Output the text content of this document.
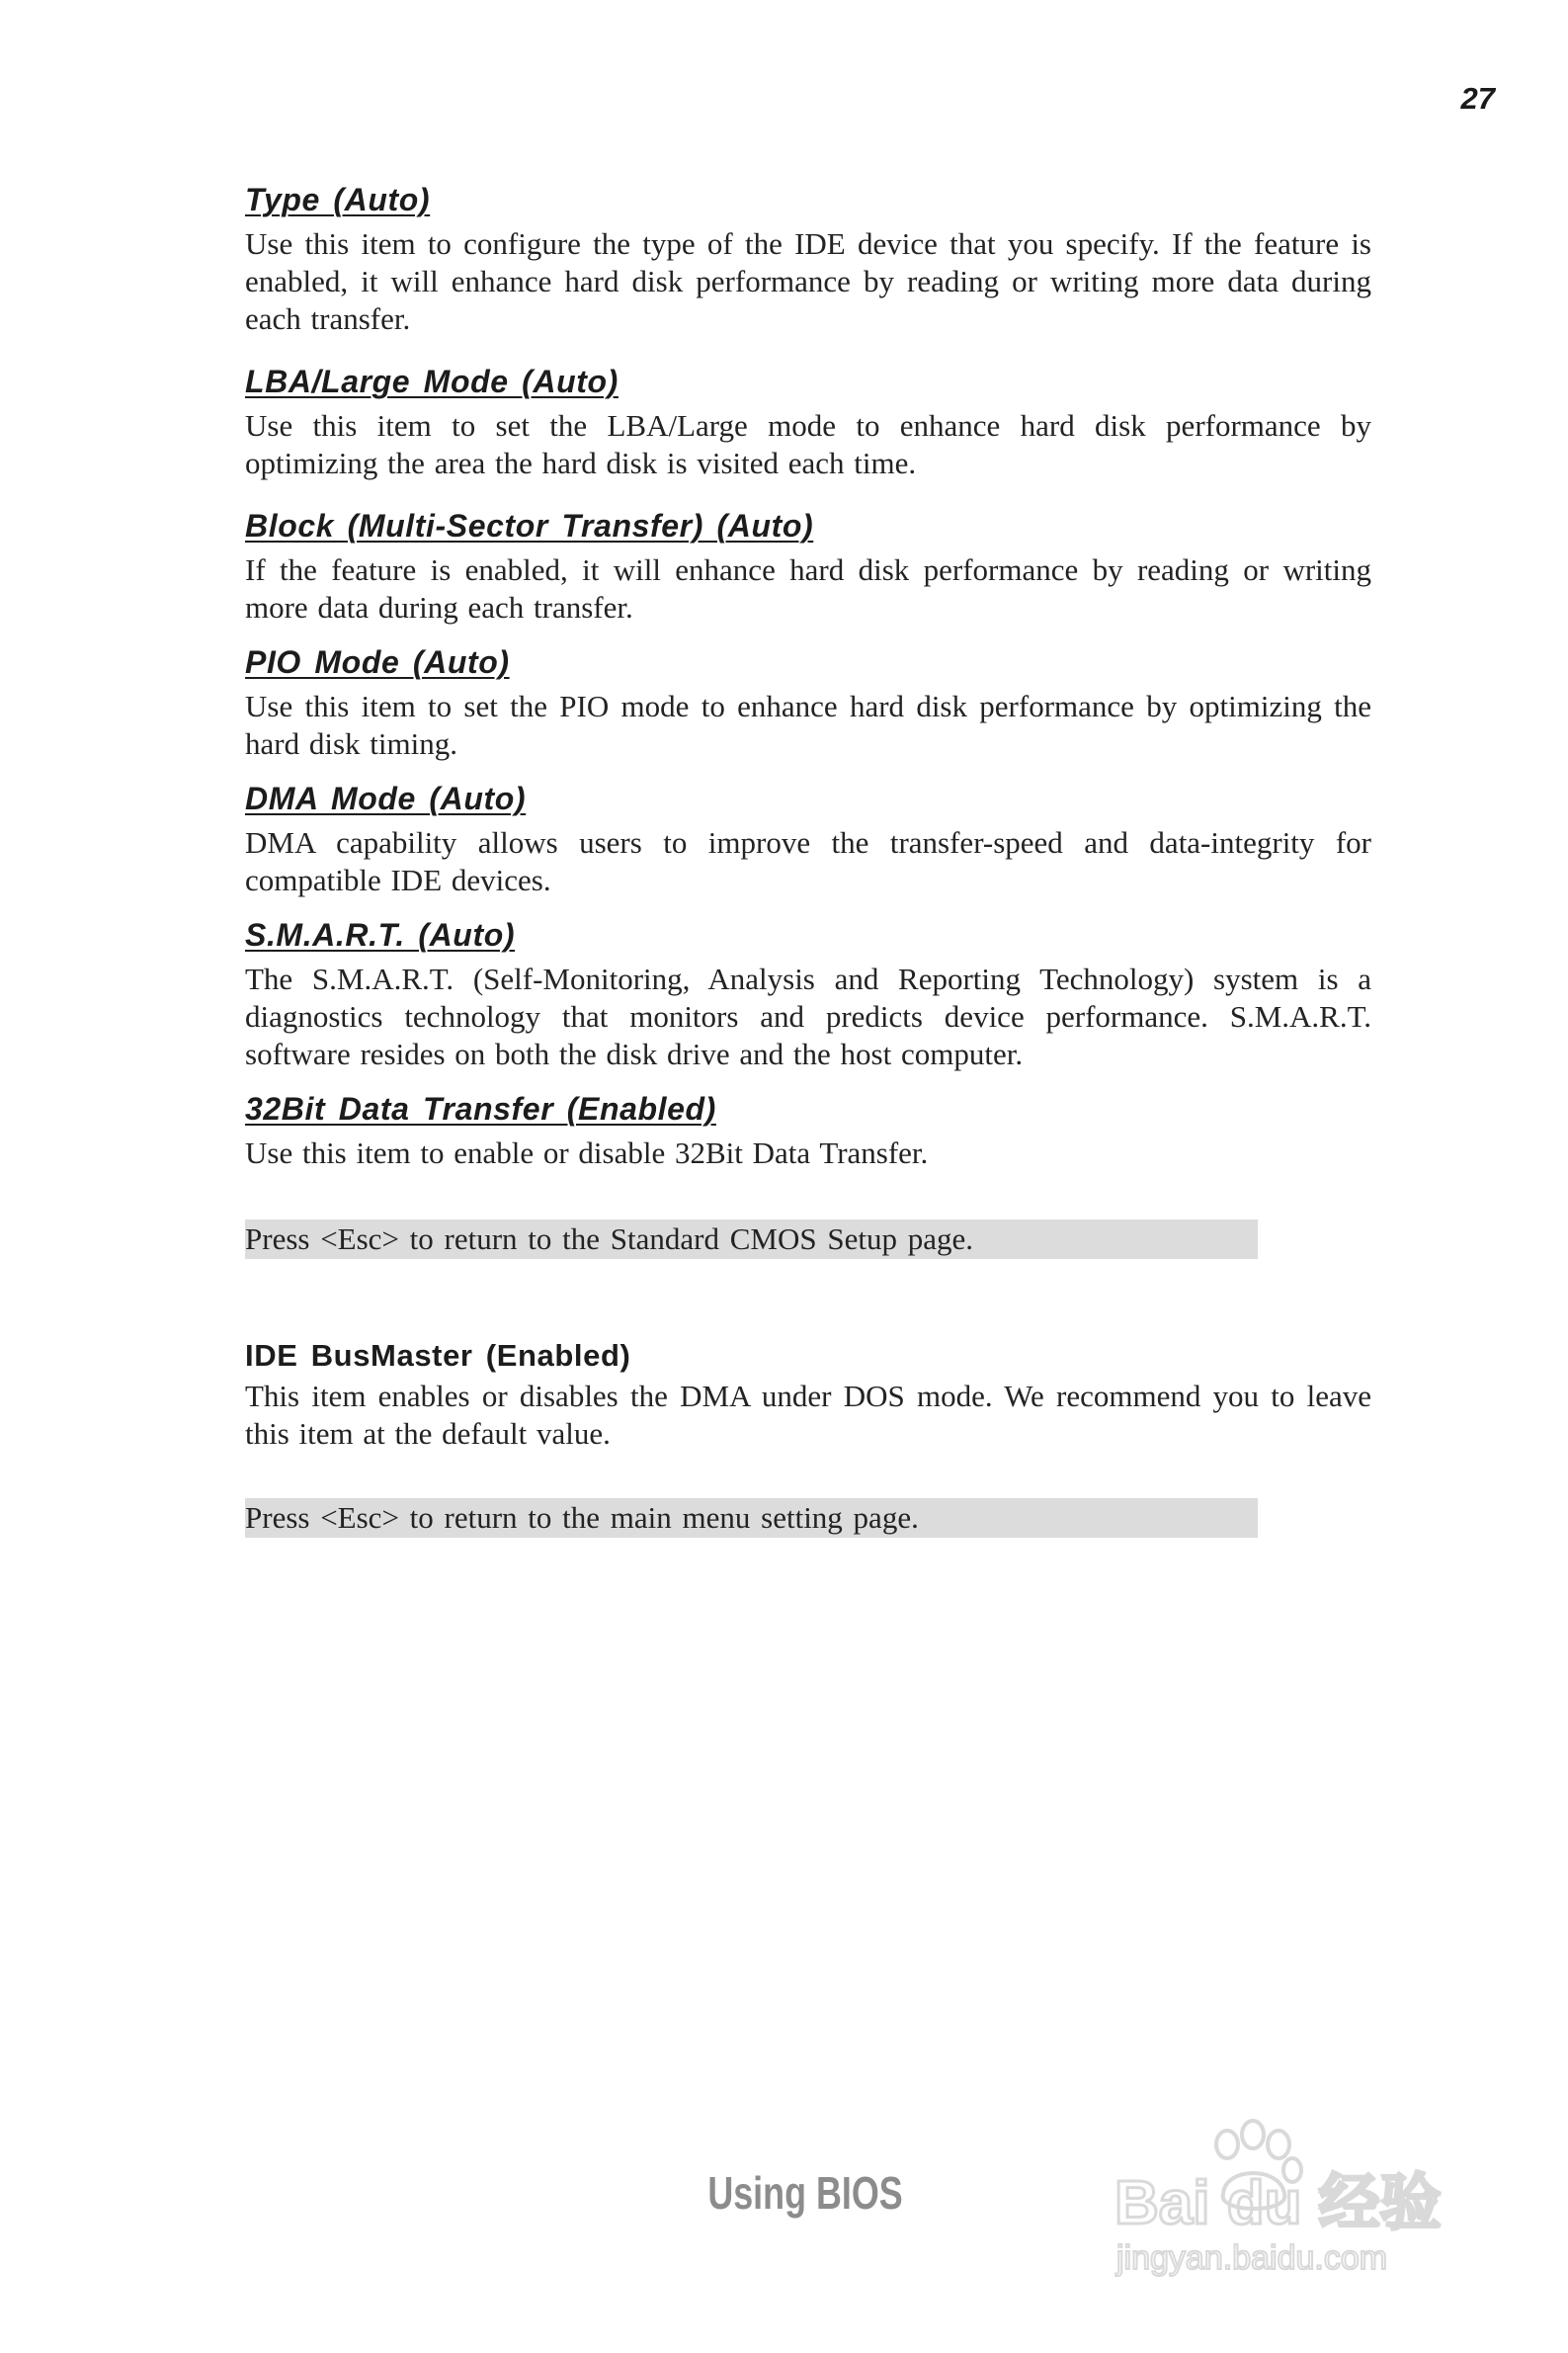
27
Type (Auto)

Use this item to configure the type of the IDE device that you specify. If the feature is enabled, it will enhance hard disk performance by reading or writing more data during each transfer.

LBA/Large Mode (Auto)

Use this item to set the LBA/Large mode to enhance hard disk performance by optimizing the area the hard disk is visited each time.

Block (Multi-Sector Transfer) (Auto)

If the feature is enabled, it will enhance hard disk performance by reading or writing more data during each transfer.

PIO Mode (Auto)

Use this item to set the PIO mode to enhance hard disk performance by optimizing the hard disk timing.

DMA Mode (Auto)

DMA capability allows users to improve the transfer-speed and data-integrity for compatible IDE devices.

S.M.A.R.T. (Auto)

The S.M.A.R.T. (Self-Monitoring, Analysis and Reporting Technology) system is a diagnostics technology that monitors and predicts device performance. S.M.A.R.T. software resides on both the disk drive and the host computer.

32Bit Data Transfer (Enabled)

Use this item to enable or disable 32Bit Data Transfer.

Press <Esc> to return to the Standard CMOS Setup page.
IDE BusMaster (Enabled)

This item enables or disables the DMA under DOS mode. We recommend you to leave this item at the default value.

Press <Esc> to return to the main menu setting page.
Using BIOS	Bai du 经验
jingyan.baidu.com
